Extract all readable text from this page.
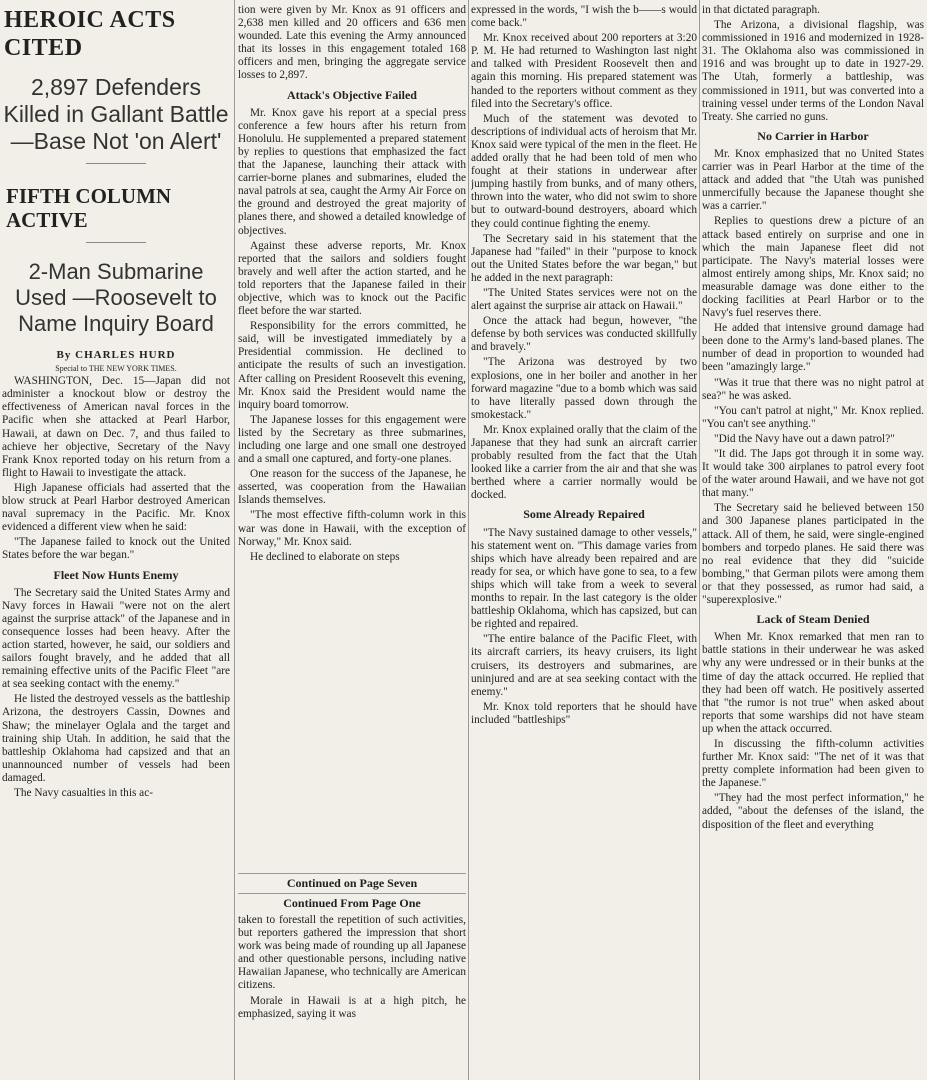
HEROIC ACTS CITED
2,897 Defenders Killed in Gallant Battle—Base Not 'on Alert'
FIFTH COLUMN ACTIVE
2-Man Submarine Used —Roosevelt to Name Inquiry Board
By CHARLES HURD
Special to THE NEW YORK TIMES.

WASHINGTON, Dec. 15—Japan did not administer a knockout blow or destroy the effectiveness of American naval forces in the Pacific when she attacked at Pearl Harbor, Hawaii, at dawn on Dec. 7, and thus failed to achieve her objective, Secretary of the Navy Frank Knox reported today on his return from a flight to Hawaii to investigate the attack.

High Japanese officials had asserted that the blow struck at Pearl Harbor destroyed American naval supremacy in the Pacific. Mr. Knox evidenced a different view when he said:

"The Japanese failed to knock out the United States before the war began."

Fleet Now Hunts Enemy

The Secretary said the United States Army and Navy forces in Hawaii "were not on the alert against the surprise attack" of the Japanese and in consequence losses had been heavy. After the action started, however, he said, our soldiers and sailors fought bravely, and he added that all remaining effective units of the Pacific Fleet "are at sea seeking contact with the enemy."

He listed the destroyed vessels as the battleship Arizona, the destroyers Cassin, Downes and Shaw; the minelayer Oglala and the target and training ship Utah. In addition, he said that the battleship Oklahoma had capsized and that an unannounced number of vessels had been damaged.

The Navy casualties in this ac-

tion were given by Mr. Knox as 91 officers and 2,638 men killed and 20 officers and 636 men wounded. Late this evening the Army announced that its losses in this engagement totaled 168 officers and men, bringing the aggregate service losses to 2,897.

Attack's Objective Failed

Mr. Knox gave his report at a special press conference a few hours after his return from Honolulu. He supplemented a prepared statement by replies to questions that emphasized the fact that the Japanese, launching their attack with carrier-borne planes and submarines, eluded the naval patrols at sea, caught the Army Air Force on the ground and destroyed the great majority of planes there, and showed a detailed knowledge of objectives.

Against these adverse reports, Mr. Knox reported that the sailors and soldiers fought bravely and well after the action started, and he told reporters that the Japanese failed in their objective, which was to knock out the Pacific fleet before the war started.

Responsibility for the errors committed, he said, will be investigated immediately by a Presidential commission. He declined to anticipate the results of such an investigation. After calling on President Roosevelt this evening, Mr. Knox said the President would name the inquiry board tomorrow.

The Japanese losses for this engagement were listed by the Secretary as three submarines, including one large and one small one destroyed and a small one captured, and forty-one planes.

One reason for the success of the Japanese, he asserted, was cooperation from the Hawaiian Islands themselves.

"The most effective fifth-column work in this war was done in Hawaii, with the exception of Norway," Mr. Knox said.

He declined to elaborate on steps

Continued on Page Seven
Continued From Page One

taken to forestall the repetition of such activities, but reporters gathered the impression that short work was being made of rounding up all Japanese and other questionable persons, including native Hawaiian Japanese, who technically are American citizens.

Morale in Hawaii is at a high pitch, he emphasized, saying it was

expressed in the words, "I wish the b——s would come back."

Mr. Knox received about 200 reporters at 3:20 P. M. He had returned to Washington last night and talked with President Roosevelt then and again this morning. His prepared statement was handed to the reporters without comment as they filed into the Secretary's office.

Much of the statement was devoted to descriptions of individual acts of heroism that Mr. Knox said were typical of the men in the fleet. He added orally that he had been told of men who fought at their stations in underwear after jumping hastily from bunks, and of many others, thrown into the water, who did not swim to shore but to outward-bound destroyers, aboard which they could continue fighting the enemy.

The Secretary said in his statement that the Japanese had "failed" in their "purpose to knock out the United States before the war began," but he added in the next paragraph:

"The United States services were not on the alert against the surprise air attack on Hawaii."

Once the attack had begun, however, "the defense by both services was conducted skillfully and bravely."

"The Arizona was destroyed by two explosions, one in her boiler and another in her forward magazine "due to a bomb which was said to have literally passed down through the smokestack."

Mr. Knox explained orally that the claim of the Japanese that they had sunk an aircraft carrier probably resulted from the fact that the Utah looked like a carrier from the air and that she was berthed where a carrier normally would be docked.

Some Already Repaired

"The Navy sustained damage to other vessels," his statement went on. "This damage varies from ships which have already been repaired and are ready for sea, or which have gone to sea, to a few ships which will take from a week to several months to repair. In the last category is the older battleship Oklahoma, which has capsized, but can be righted and repaired.

"The entire balance of the Pacific Fleet, with its aircraft carriers, its heavy cruisers, its light cruisers, its destroyers and submarines, are uninjured and are at sea seeking contact with the enemy."

Mr. Knox told reporters that he should have included "battleships"

in that dictated paragraph.

The Arizona, a divisional flagship, was commissioned in 1916 and modernized in 1928-31. The Oklahoma also was commissioned in 1916 and was brought up to date in 1927-29. The Utah, formerly a battleship, was commissioned in 1911, but was converted into a training vessel under terms of the London Naval Treaty. She carried no guns.

No Carrier in Harbor

Mr. Knox emphasized that no United States carrier was in Pearl Harbor at the time of the attack and added that "the Utah was punished unmercifully because the Japanese thought she was a carrier."

Replies to questions drew a picture of an attack based entirely on surprise and one in which the main Japanese fleet did not participate. The Navy's material losses were almost entirely among ships, Mr. Knox said; no measurable damage was done either to the docking facilities at Pearl Harbor or to the Navy's fuel reserves there.

He added that intensive ground damage had been done to the Army's land-based planes. The number of dead in proportion to wounded had been "amazingly large."

"Was it true that there was no night patrol at sea?" he was asked.

"You can't patrol at night," Mr. Knox replied. "You can't see anything."

"Did the Navy have out a dawn patrol?"

"It did. The Japs got through it in some way. It would take 300 airplanes to patrol every foot of the water around Hawaii, and we have not got that many."

The Secretary said he believed between 150 and 300 Japanese planes participated in the attack. All of them, he said, were single-engined bombers and torpedo planes. He said there was no real evidence that they did "suicide bombing," that German pilots were among them or that they possessed, as rumor had said, a "superexplosive."

Lack of Steam Denied

When Mr. Knox remarked that men ran to battle stations in their underwear he was asked why any were undressed or in their bunks at the time of day the attack occurred. He replied that they had been off watch. He positively asserted that "the rumor is not true" when asked about reports that some warships did not have steam up when the attack occurred.

In discussing the fifth-column activities further Mr. Knox said: "The net of it was that pretty complete information had been given to the Japanese."

"They had the most perfect information," he added, "about the defenses of the island, the disposition of the fleet and everything
